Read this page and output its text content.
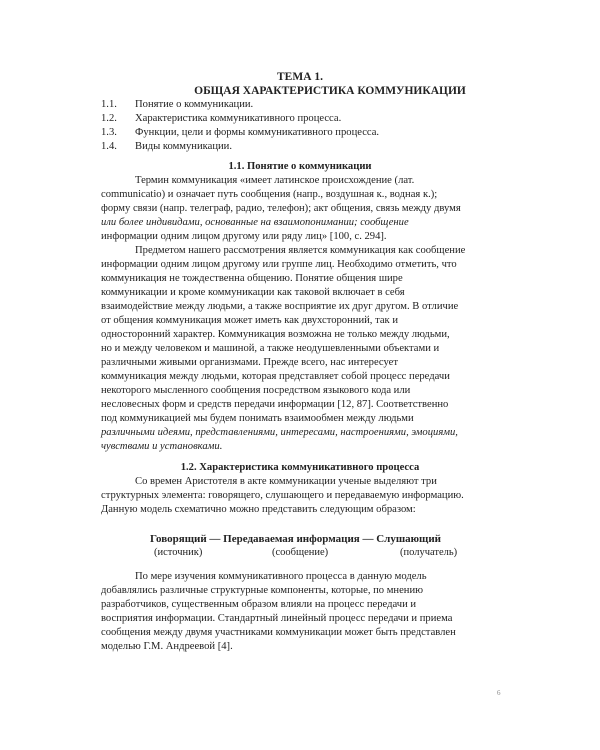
ТЕМА 1.
ОБЩАЯ ХАРАКТЕРИСТИКА КОММУНИКАЦИИ
1.1.	Понятие о коммуникации.
1.2.	Характеристика коммуникативного процесса.
1.3.	Функции, цели и формы коммуникативного процесса.
1.4.	Виды коммуникации.
1.1. Понятие о коммуникации
Термин коммуникация «имеет латинское происхождение (лат.
communicatio) и означает путь сообщения (напр., воздушная к., водная к.);
форму связи (напр. телеграф, радио, телефон); акт общения, связь между двумя
или более индивидами, основанные на взаимопонимании; сообщение
информации одним лицом другому или ряду лиц» [100, с. 294].
Предметом нашего рассмотрения является коммуникация как сообщение
информации одним лицом другому или группе лиц. Необходимо отметить, что
коммуникация не тождественна общению. Понятие общения шире
коммуникации и кроме коммуникации как таковой включает в себя
взаимодействие между людьми, а также восприятие их друг другом. В отличие
от общения коммуникация может иметь как двухсторонний, так и
односторонний характер. Коммуникация возможна не только между людьми,
но и между человеком и машиной, а также неодушевленными объектами и
различными живыми организмами. Прежде всего, нас интересует
коммуникация между людьми, которая представляет собой процесс передачи
некоторого мысленного сообщения посредством языкового кода или
несловесных форм и средств передачи информации [12, 87]. Соответственно
под коммуникацией мы будем понимать взаимообмен между людьми
различными идеями, представлениями, интересами, настроениями, эмоциями,
чувствами и установками.
1.2. Характеристика коммуникативного процесса
Со времен Аристотеля в акте коммуникации ученые выделяют три
структурных элемента: говорящего, слушающего и передаваемую информацию.
Данную модель схематично можно представить следующим образом:
Говорящий — Передаваемая информация — Слушающий
(источник)	(сообщение)	(получатель)
По мере изучения коммуникативного процесса в данную модель
добавлялись различные структурные компоненты, которые, по мнению
разработчиков, существенным образом влияли на процесс передачи и
восприятия информации. Стандартный линейный процесс передачи и приема
сообщения между двумя участниками коммуникации может быть представлен
моделью Г.М. Андреевой [4].
6
